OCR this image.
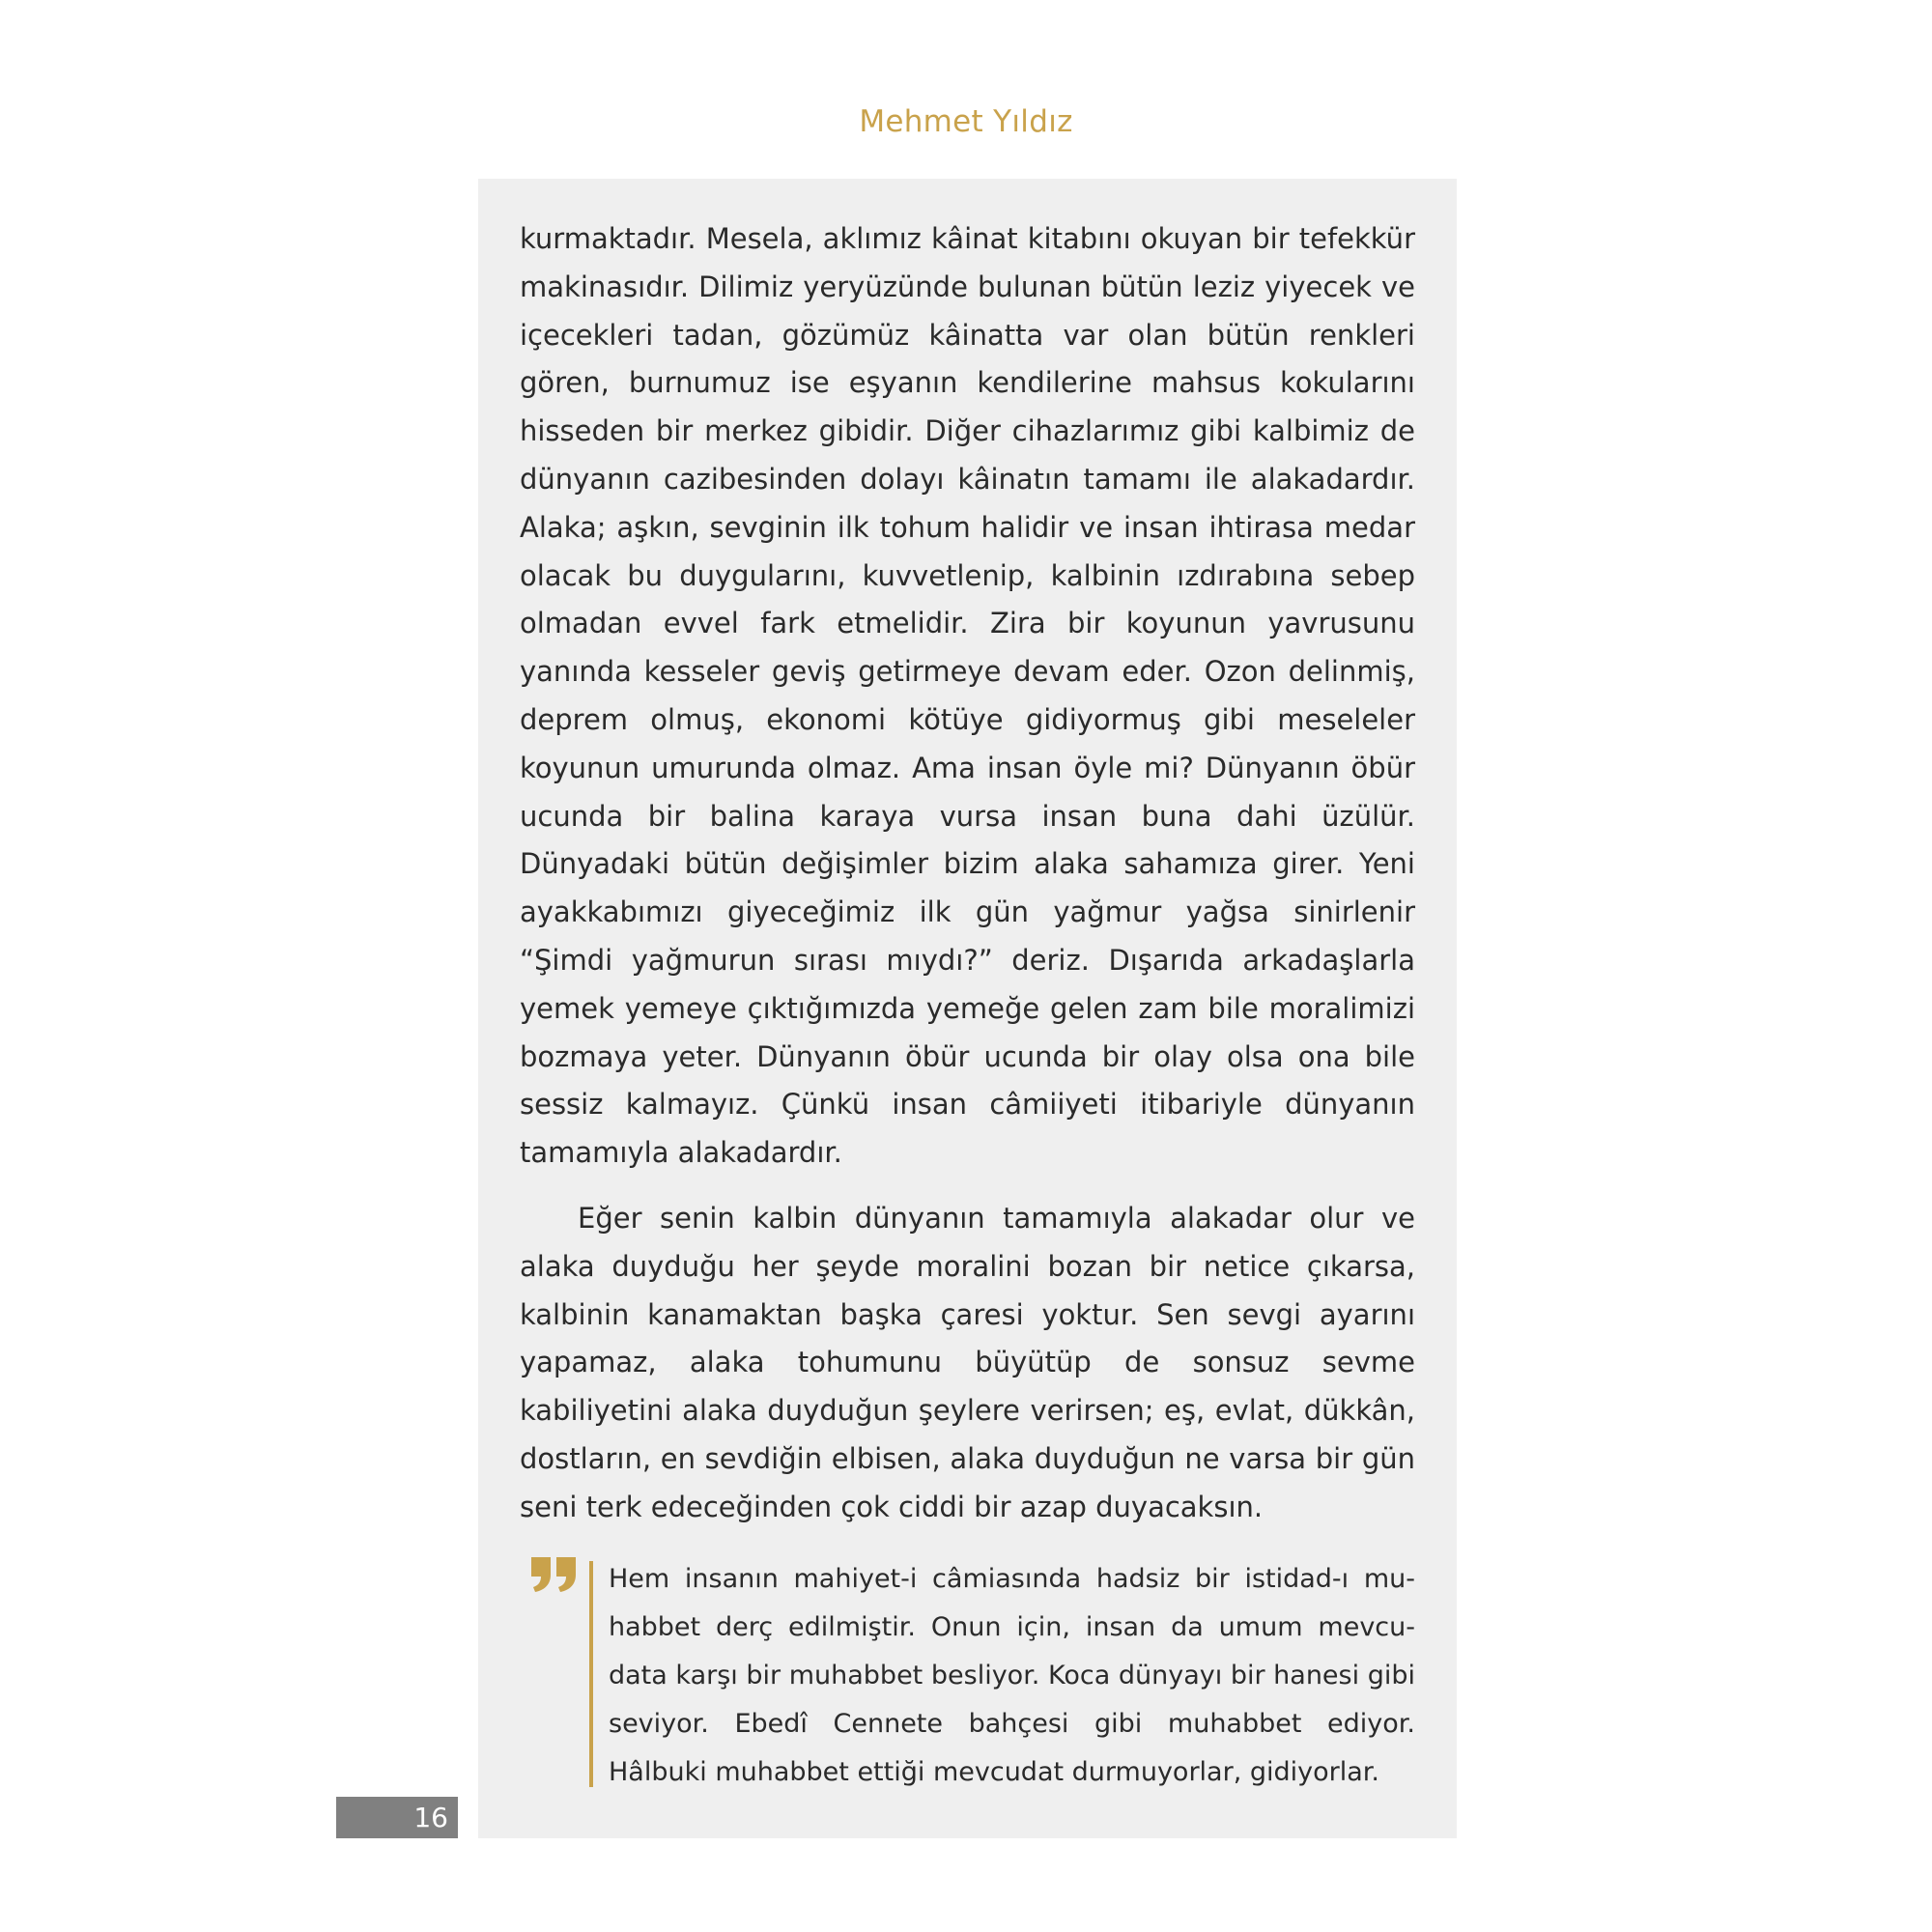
Mehmet Yıldız

kurmaktadır. Mesela, aklımız kâinat kitabını okuyan bir tefekkür makinasıdır. Dilimiz yeryüzünde bulunan bütün leziz yiyecek ve içecekleri tadan, gözümüz kâinatta var olan bütün renkleri gören, burnumuz ise eşyanın kendilerine mahsus kokularını hisseden bir merkez gibidir. Diğer cihazlarımız gibi kalbimiz de dünyanın cazibesinden dolayı kâinatın tamamı ile alakadardır. Alaka; aşkın, sevginin ilk tohum halidir ve insan ihtirasa medar olacak bu duygularını, kuvvetlenip, kalbinin ızdırabına sebep olmadan evvel fark etmelidir. Zira bir koyunun yavrusunu yanında kesseler geviş getirmeye devam eder. Ozon delinmiş, deprem olmuş, ekonomi kötüye gidiyormuş gibi meseleler koyunun umurunda olmaz. Ama insan öyle mi? Dünyanın öbür ucunda bir balina karaya vursa insan buna dahi üzülür. Dünyadaki bütün değişimler bizim alaka sahamıza girer. Yeni ayakkabımızı giyeceğimiz ilk gün yağmur yağsa sinirlenir “Şimdi yağmurun sırası mıydı?” deriz. Dışarıda arkadaşlarla yemek yemeye çıktığımızda yemeğe gelen zam bile moralimizi bozmaya yeter. Dünyanın öbür ucunda bir olay olsa ona bile sessiz kalmayız. Çünkü insan câmiiyeti itibariyle dünyanın tamamıyla alakadardır.

Eğer senin kalbin dünyanın tamamıyla alakadar olur ve alaka duyduğu her şeyde moralini bozan bir netice çıkarsa, kalbinin kanamaktan başka çaresi yoktur. Sen sevgi ayarını yapamaz, alaka tohumunu büyütüp de sonsuz sevme kabiliyetini alaka duyduğun şeylere verirsen; eş, evlat, dükkân, dostların, en sevdiğin elbisen, alaka duyduğun ne varsa bir gün seni terk edeceğinden çok ciddi bir azap duyacaksın.

Hem insanın mahiyet-i câmiasında hadsiz bir istidad-ı mu-habbet derç edilmiştir. Onun için, insan da umum mevcu-data karşı bir muhabbet besliyor. Koca dünyayı bir hanesi gibi seviyor. Ebedî Cennete bahçesi gibi muhabbet ediyor. Hâlbuki muhabbet ettiği mevcudat durmuyorlar, gidiyorlar.
16
